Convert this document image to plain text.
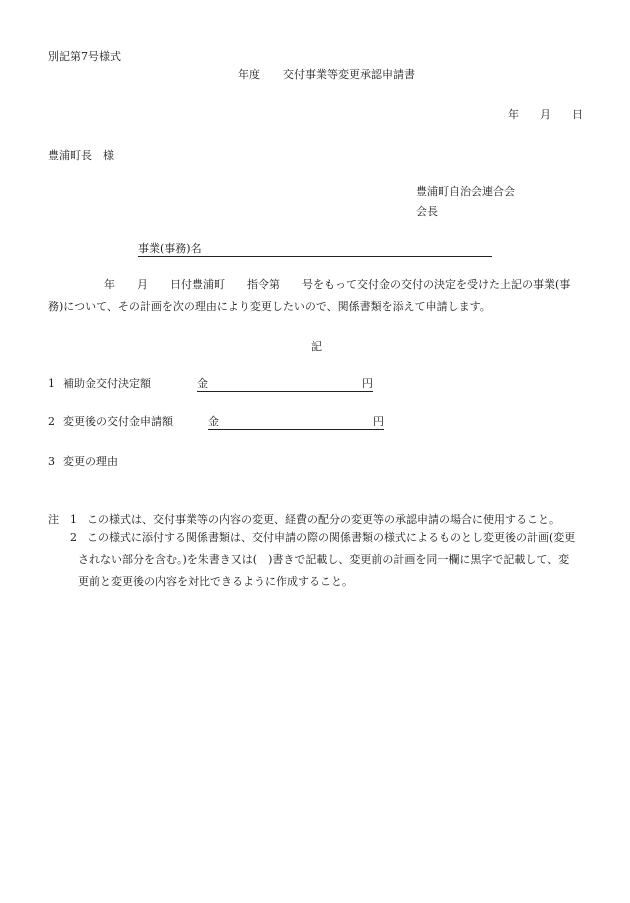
別記第7号様式
年度 交付事業等変更承認申請書
年 月 日
豊浦町長　様
豊浦町自治会連合会
会長
事業(事務)名
年　　月　　日付豊浦町　　指令第　　号をもって交付金の交付の決定を受けた上記の事業(事
務)について、その計画を次の理由により変更したいので、関係書類を添えて申請します。
記
1 補助金交付決定額	金	円
2 変更後の交付金申請額	金	円
3 変更の理由
注 1 この様式は、交付事業等の内容の変更、経費の配分の変更等の承認申請の場合に使用すること。
2 この様式に添付する関係書類は、交付申請の際の関係書類の様式によるものとし変更後の計画(変更
されない部分を含む。)を朱書き又は(　)書きで記載し、変更前の計画を同一欄に黒字で記載して、変
更前と変更後の内容を対比できるように作成すること。
